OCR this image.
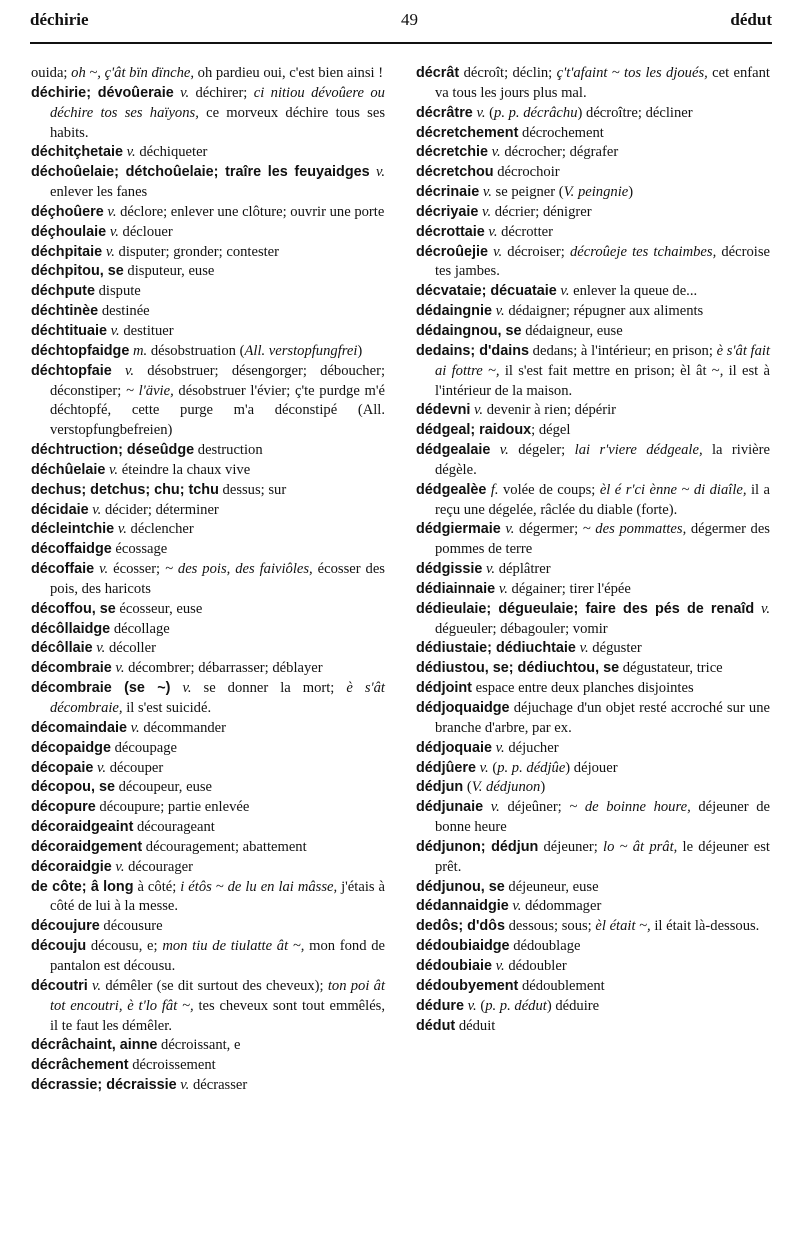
déchirie	49	dédut

ouida; oh ~, ç'ât bïn dïnche, oh pardieu oui, c'est bien ainsi !

déchirie; dévoûeraie v. déchirer; ci nitiou dévoûere ou déchire tos ses haïyons, ce morveux déchire tous ses habits.

déchitçhetaie v. déchiqueter

déchoûelaie; détchoûelaie; traîre les feuyaidges v. enlever les fanes

déçhoûere v. déclore; enlever une clôture; ouvrir une porte

déçhoulaie v. déclouer

déchpitaie v. disputer; gronder; contester

déchpitou, se disputeur, euse

déchpute dispute

déchtinèe destinée

déchtituaie v. destituer

déchtopfaidge m. désobstruation (All. verstopfungfrei)

déchtopfaie v. désobstruer; désengorger; déboucher; déconstiper; ~ l'ävie, désobstruer l'évier; ç'te purdge m'é déchtopfé, cette purge m'a déconstipé (All. verstopfungbefreien)

déchtruction; déseûdge destruction

déchûelaie v. éteindre la chaux vive

dechus; detchus; chu; tchu dessus; sur

décidaie v. décider; déterminer

décleintchie v. déclencher

décoffaidge écossage

décoffaie v. écosser; ~ des pois, des faiviôles, écosser des pois, des haricots

décoffou, se écosseur, euse

décôllaidge décollage

décôllaie v. décoller

décombraie v. décombrer; débarrasser; déblayer

décombraie (se ~) v. se donner la mort; è s'ât décombraie, il s'est suicidé.

décomaindaie v. décommander

décopaidge découpage

décopaie v. découper

décopou, se découpeur, euse

décopure découpure; partie enlevée

décoraidgeaint décourageant

décoraidgement découragement; abattement

décoraidgie v. décourager

de côte; â long à côté; i étôs ~ de lu en lai mâsse, j'étais à côté de lui à la messe.

découjure décousure

découju décousu, e; mon tiu de tiulatte ât ~, mon fond de pantalon est décousu.

découtri v. démêler (se dit surtout des cheveux); ton poi ât tot encoutri, è t'lo fât ~, tes cheveux sont tout emmêlés, il te faut les démêler.

décrâchaint, ainne décroissant, e

décrâchement décroissement

décrassie; décraissie v. décrasser

décrât décroît; déclin; ç't'afaint ~ tos les djoués, cet enfant va tous les jours plus mal.

décrâtre v. (p. p. décrâchu) décroître; décliner

décretchement décrochement

décretchie v. décrocher; dégrafer

décretchou décrochoir

décrinaie v. se peigner (V. peingnie)

décriyaie v. décrier; dénigrer

décrottaie v. décrotter

décroûejie v. décroiser; décroûeje tes tchaimbes, décroise tes jambes.

décvataie; décuataie v. enlever la queue de...

dédaingnie v. dédaigner; répugner aux aliments

dédaingnou, se dédaigneur, euse

dedains; d'dains dedans; à l'intérieur; en prison; è s'ât fait ai fottre ~, il s'est fait mettre en prison; èl ât ~, il est à l'intérieur de la maison.

dédevni v. devenir à rien; dépérir

dédgeal; raidoux; dégel

dédgealaie v. dégeler; lai r'viere dédgeale, la rivière dégèle.

dédgealèe f. volée de coups; èl é r'ci ènne ~ di diaîle, il a reçu une dégelée, râclée du diable (forte).

dédgiermaie v. dégermer; ~ des pommattes, dégermer des pommes de terre

dédgissie v. déplâtrer

dédiainnaie v. dégainer; tirer l'épée

dédieulaie; dégueulaie; faire des pés de renaîd v. dégueuler; débagouler; vomir

dédiustaie; dédiuchtaie v. déguster

dédiustou, se; dédiuchtou, se dégustateur, trice

dédjoint espace entre deux planches disjointes

dédjoquaidge déjuchage d'un objet resté accroché sur une branche d'arbre, par ex.

dédjoquaie v. déjucher

dédjûere v. (p. p. dédjûe) déjouer

dédjun (V. dédjunon)

dédjunaie v. déjeûner; ~ de boinne houre, déjeuner de bonne heure

dédjunon; dédjun déjeuner; lo ~ ât prât, le déjeuner est prêt.

dédjunou, se déjeuneur, euse

dédannaidgie v. dédommager

dedôs; d'dôs dessous; sous; èl était ~, il était là-dessous.

dédoubiaidge dédoublage

dédoubiaie v. dédoubler

dédoubyement dédoublement

dédure v. (p. p. dédut) déduire

dédut déduit
